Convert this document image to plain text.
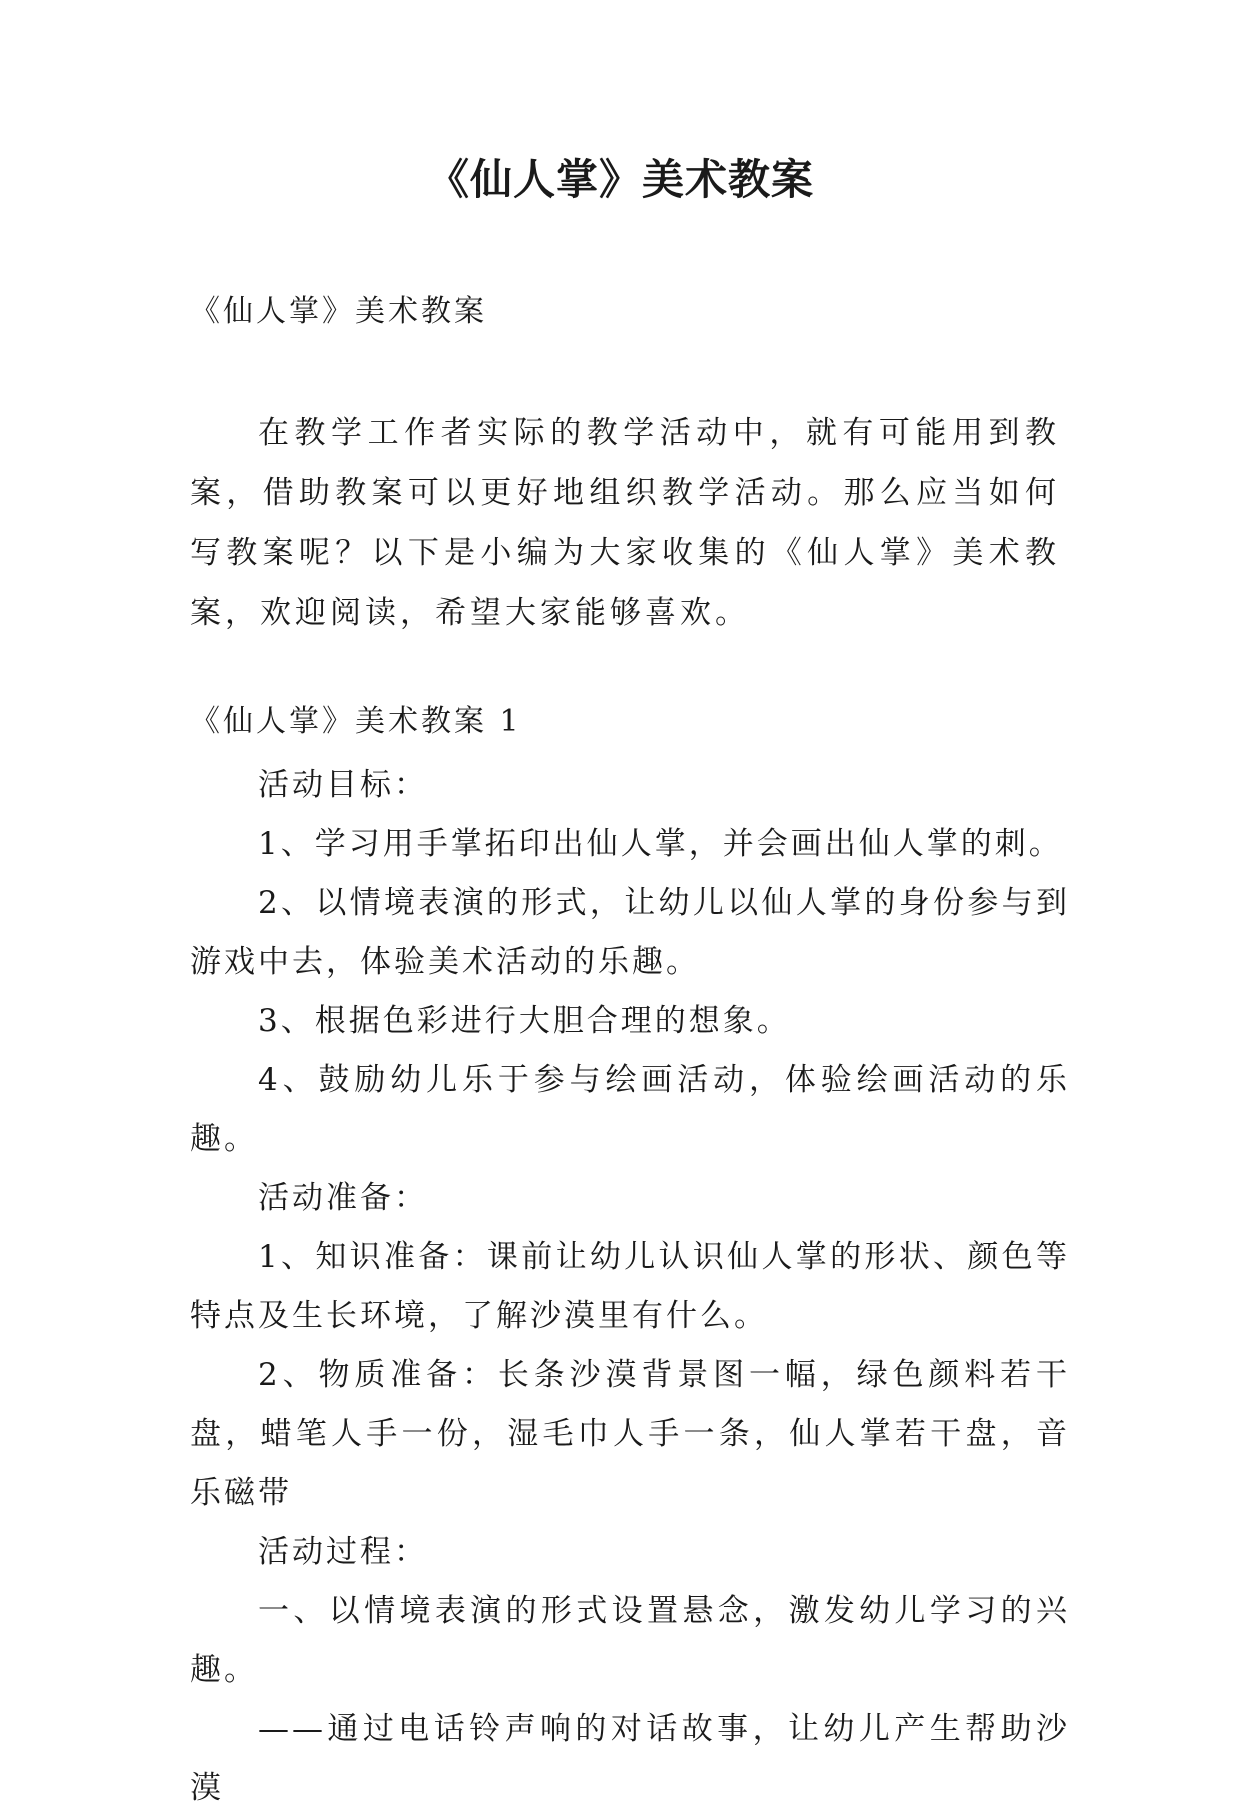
《仙人掌》美术教案

《仙人掌》美术教案

在教学工作者实际的教学活动中，就有可能用到教案，借助教案可以更好地组织教学活动。那么应当如何写教案呢？以下是小编为大家收集的《仙人掌》美术教案，欢迎阅读，希望大家能够喜欢。

《仙人掌》美术教案 1

活动目标：

1、学习用手掌拓印出仙人掌，并会画出仙人掌的刺。

2、以情境表演的形式，让幼儿以仙人掌的身份参与到游戏中去，体验美术活动的乐趣。

3、根据色彩进行大胆合理的想象。

4、鼓励幼儿乐于参与绘画活动，体验绘画活动的乐趣。

活动准备：

1、知识准备：课前让幼儿认识仙人掌的形状、颜色等特点及生长环境，了解沙漠里有什么。

2、物质准备：长条沙漠背景图一幅，绿色颜料若干盘，蜡笔人手一份，湿毛巾人手一条，仙人掌若干盘，音乐磁带

活动过程：

一、以情境表演的形式设置悬念，激发幼儿学习的兴趣。

——通过电话铃声响的对话故事，让幼儿产生帮助沙漠
